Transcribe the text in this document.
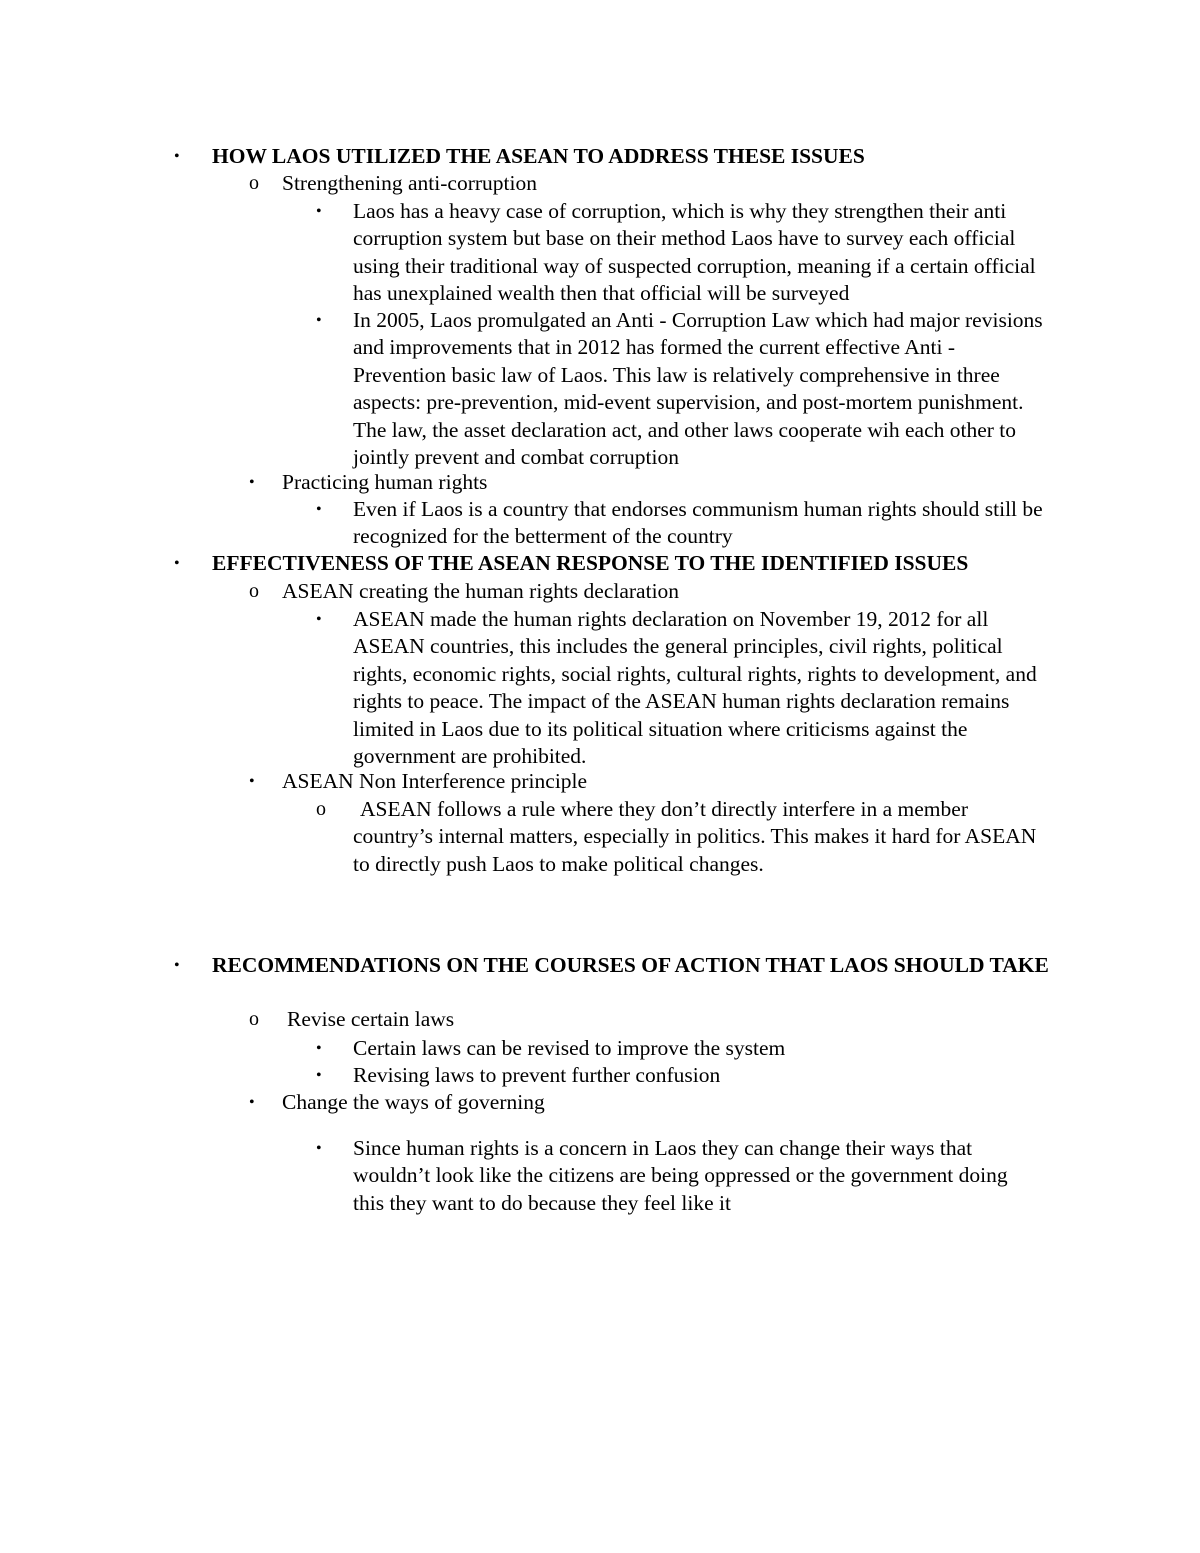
• HOW LAOS UTILIZED THE ASEAN TO ADDRESS THESE ISSUES
o Strengthening anti-corruption
• Laos has a heavy case of corruption, which is why they strengthen their anti corruption system but base on their method Laos have to survey each official using their traditional way of suspected corruption, meaning if a certain official has unexplained wealth then that official will be surveyed
• In 2005, Laos promulgated an Anti - Corruption Law which had major revisions and improvements that in 2012 has formed the current effective Anti - Prevention basic law of Laos. This law is relatively comprehensive in three aspects: pre-prevention, mid-event supervision, and post-mortem punishment. The law, the asset declaration act, and other laws cooperate wih each other to jointly prevent and combat corruption
• Practicing human rights
• Even if Laos is a country that endorses communism human rights should still be recognized for the betterment of the country
• EFFECTIVENESS OF THE ASEAN RESPONSE TO THE IDENTIFIED ISSUES
o ASEAN creating the human rights declaration
• ASEAN made the human rights declaration on November 19, 2012 for all ASEAN countries, this includes the general principles, civil rights, political rights, economic rights, social rights, cultural rights, rights to development, and rights to peace. The impact of the ASEAN human rights declaration remains limited in Laos due to its political situation where criticisms against the government are prohibited.
• ASEAN Non Interference principle
o	ASEAN follows a rule where they don’t directly interfere in a member country’s internal matters, especially in politics. This makes it hard for ASEAN to directly push Laos to make political changes.
• RECOMMENDATIONS ON THE COURSES OF ACTION THAT LAOS SHOULD TAKE
o Revise certain laws
• Certain laws can be revised to improve the system
• Revising laws to prevent further confusion
• Change the ways of governing
• Since human rights is a concern in Laos they can change their ways that wouldn’t look like the citizens are being oppressed or the government doing this they want to do because they feel like it
